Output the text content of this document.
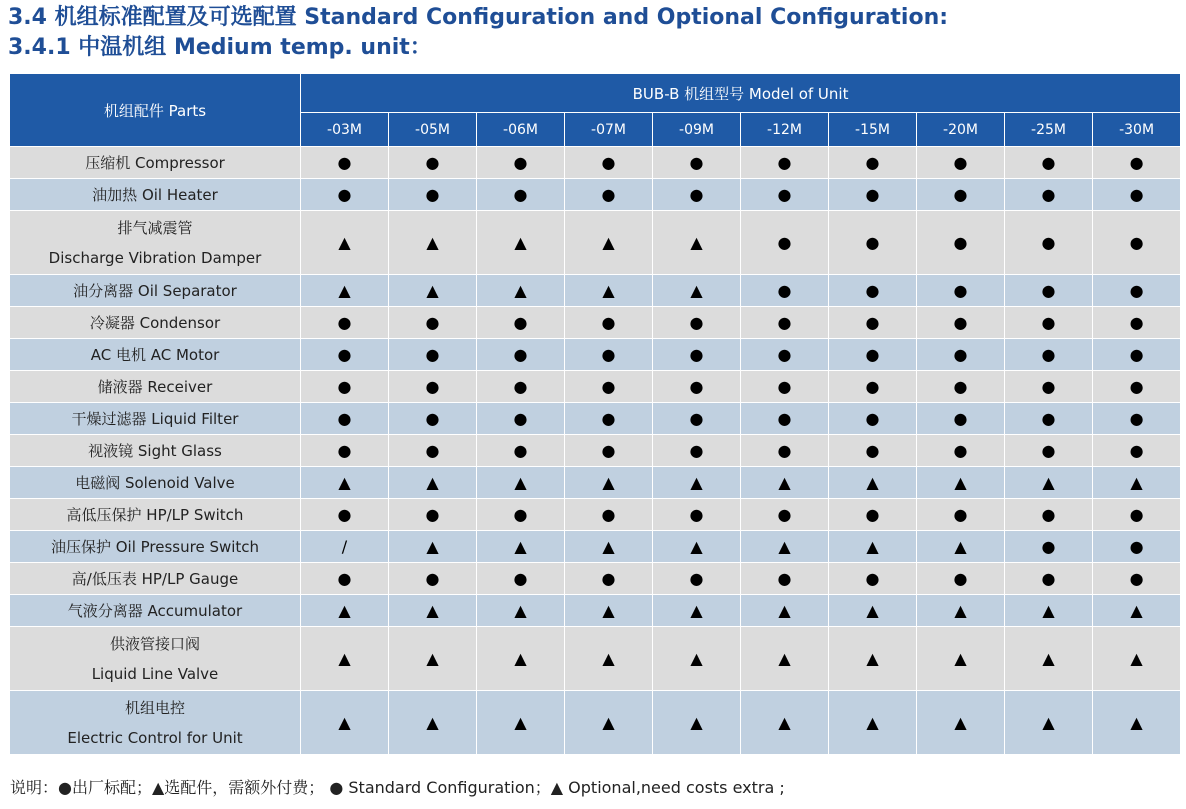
3.4 机组标准配置及可选配置 Standard Configuration and Optional Configuration:
3.4.1 中温机组 Medium temp. unit：
机组配件 Parts	BUB-B 机组型号 Model of Unit									
	-03M	-05M	-06M	-07M	-09M	-12M	-15M	-20M	-25M	-30M

压缩机 Compressor	●	●	●	●	●	●	●	●	●	●

油加热 Oil Heater	●	●	●	●	●	●	●	●	●	●

排气减震管
Discharge Vibration Damper	▲	▲	▲	▲	▲	●	●	●	●	●

油分离器 Oil Separator	▲	▲	▲	▲	▲	●	●	●	●	●

冷凝器 Condensor	●	●	●	●	●	●	●	●	●	●

AC 电机 AC Motor	●	●	●	●	●	●	●	●	●	●

储液器 Receiver	●	●	●	●	●	●	●	●	●	●

干燥过滤器 Liquid Filter	●	●	●	●	●	●	●	●	●	●

视液镜 Sight Glass	●	●	●	●	●	●	●	●	●	●

电磁阀 Solenoid Valve	▲	▲	▲	▲	▲	▲	▲	▲	▲	▲

高低压保护 HP/LP Switch	●	●	●	●	●	●	●	●	●	●

油压保护 Oil Pressure Switch	/	▲	▲	▲	▲	▲	▲	▲	●	●

高/低压表 HP/LP Gauge	●	●	●	●	●	●	●	●	●	●

气液分离器 Accumulator	▲	▲	▲	▲	▲	▲	▲	▲	▲	▲

供液管接口阀
Liquid Line Valve	▲	▲	▲	▲	▲	▲	▲	▲	▲	▲

机组电控
Electric Control for Unit	▲	▲	▲	▲	▲	▲	▲	▲	▲	▲
说明：●出厂标配；▲选配件，需额外付费； ● Standard Configuration；▲ Optional,need costs extra ;
